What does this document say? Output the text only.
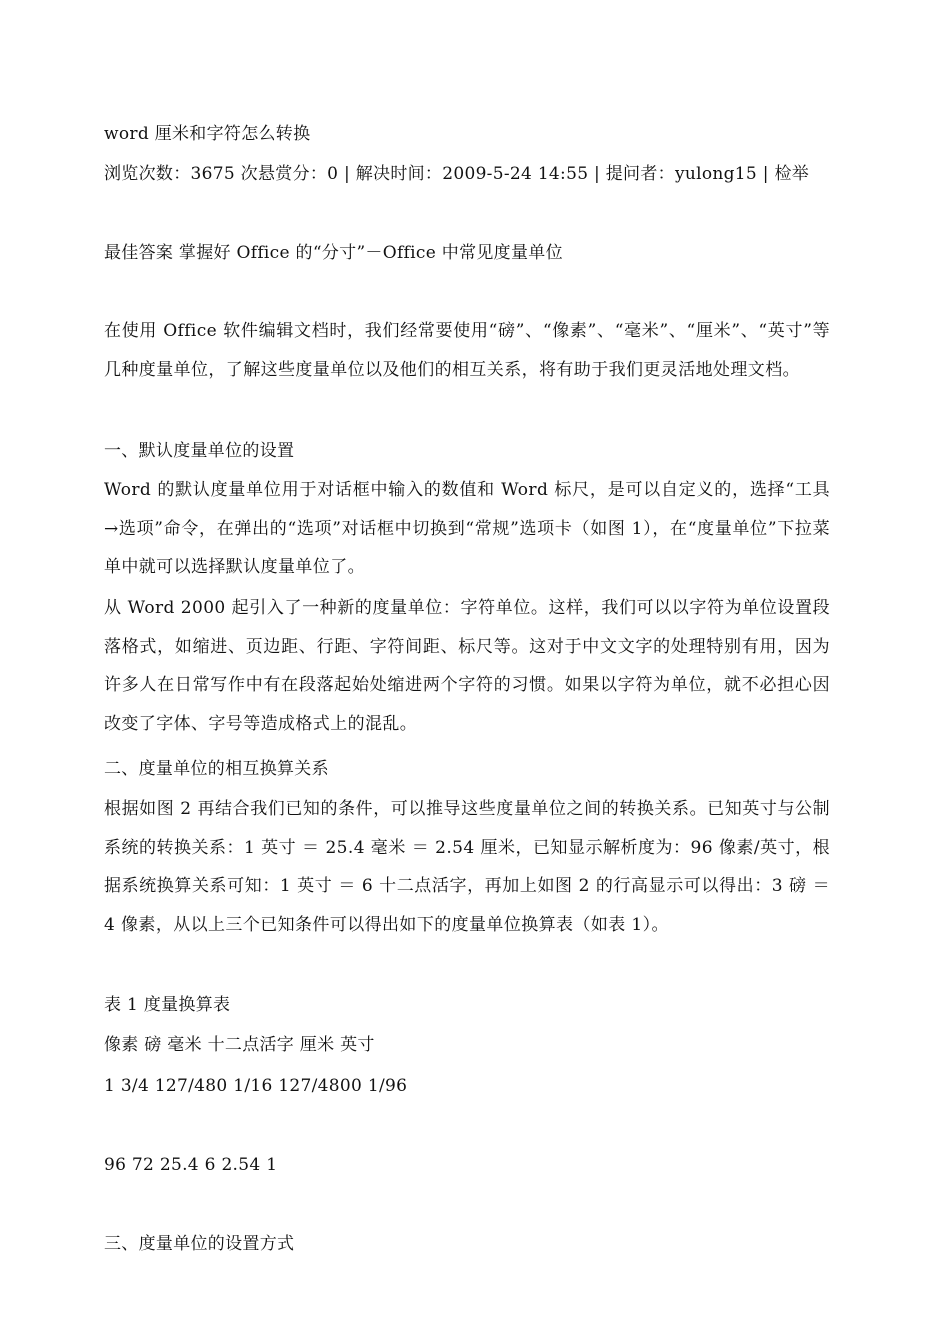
word 厘米和字符怎么转换
浏览次数：3675 次悬赏分：0 | 解决时间：2009-5-24 14:55 | 提问者：yulong15 | 检举
最佳答案 掌握好 Office 的“分寸”－Office 中常见度量单位

在使用 Office 软件编辑文档时，我们经常要使用“磅”、“像素”、“毫米”、“厘米”、“英寸”等几种度量单位，了解这些度量单位以及他们的相互关系，将有助于我们更灵活地处理文档。

一、默认度量单位的设置

Word 的默认度量单位用于对话框中输入的数值和 Word 标尺，是可以自定义的，选择“工具→选项”命令，在弹出的“选项”对话框中切换到“常规”选项卡（如图 1），在“度量单位”下拉菜单中就可以选择默认度量单位了。

从 Word 2000 起引入了一种新的度量单位：字符单位。这样，我们可以以字符为单位设置段落格式，如缩进、页边距、行距、字符间距、标尺等。这对于中文文字的处理特别有用，因为许多人在日常写作中有在段落起始处缩进两个字符的习惯。如果以字符为单位，就不必担心因改变了字体、字号等造成格式上的混乱。

二、度量单位的相互换算关系

根据如图 2 再结合我们已知的条件，可以推导这些度量单位之间的转换关系。已知英寸与公制系统的转换关系：1 英寸 ＝ 25.4 毫米 ＝ 2.54 厘米，已知显示解析度为：96 像素/英寸，根据系统换算关系可知：1 英寸 ＝ 6 十二点活字，再加上如图 2 的行高显示可以得出：3 磅 ＝ 4 像素，从以上三个已知条件可以得出如下的度量单位换算表（如表 1）。

表 1 度量换算表
像素 磅 毫米 十二点活字 厘米 英寸
1 3/4 127/480 1/16 127/4800 1/96
96 72 25.4 6 2.54 1
三、度量单位的设置方式
